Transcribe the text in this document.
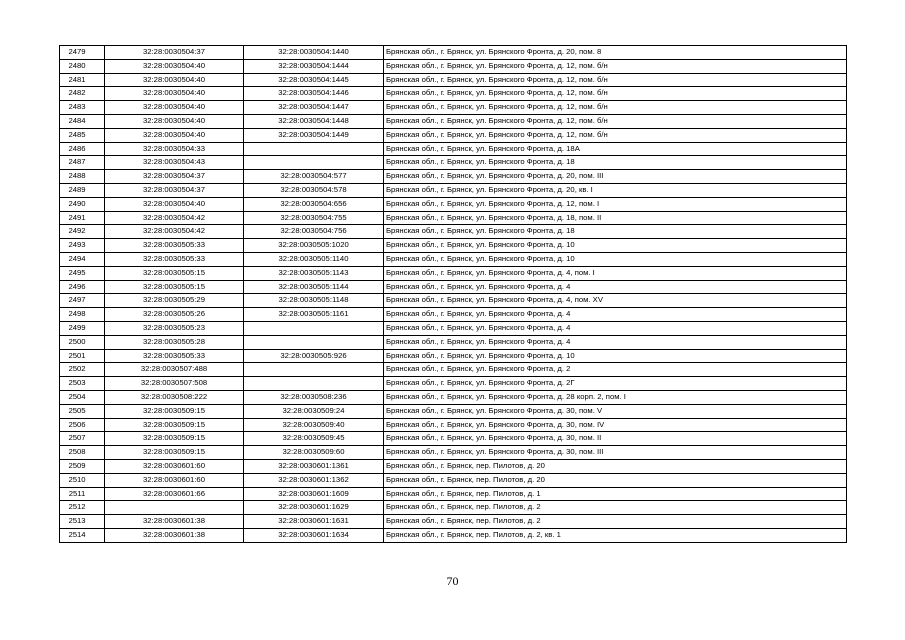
2479	32:28:0030504:37	32:28:0030504:1440	Брянская обл., г. Брянск, ул. Брянского Фронта, д. 20, пом. 8
2480	32:28:0030504:40	32:28:0030504:1444	Брянская обл., г. Брянск, ул. Брянского Фронта, д. 12, пом. б/н
2481	32:28:0030504:40	32:28:0030504:1445	Брянская обл., г. Брянск, ул. Брянского Фронта, д. 12, пом. б/н
2482	32:28:0030504:40	32:28:0030504:1446	Брянская обл., г. Брянск, ул. Брянского Фронта, д. 12, пом. б/н
2483	32:28:0030504:40	32:28:0030504:1447	Брянская обл., г. Брянск, ул. Брянского Фронта, д. 12, пом. б/н
2484	32:28:0030504:40	32:28:0030504:1448	Брянская обл., г. Брянск, ул. Брянского Фронта, д. 12, пом. б/н
2485	32:28:0030504:40	32:28:0030504:1449	Брянская обл., г. Брянск, ул. Брянского Фронта, д. 12, пом. б/н
2486	32:28:0030504:33		Брянская обл., г. Брянск, ул. Брянского Фронта, д. 18А
2487	32:28:0030504:43		Брянская обл., г. Брянск, ул. Брянского Фронта, д. 18
2488	32:28:0030504:37	32:28:0030504:577	Брянская обл., г. Брянск, ул. Брянского Фронта, д. 20, пом. III
2489	32:28:0030504:37	32:28:0030504:578	Брянская обл., г. Брянск, ул. Брянского Фронта, д. 20, кв. I
2490	32:28:0030504:40	32:28:0030504:656	Брянская обл., г. Брянск, ул. Брянского Фронта, д. 12, пом. I
2491	32:28:0030504:42	32:28:0030504:755	Брянская обл., г. Брянск, ул. Брянского Фронта, д. 18, пом. II
2492	32:28:0030504:42	32:28:0030504:756	Брянская обл., г. Брянск, ул. Брянского Фронта, д. 18
2493	32:28:0030505:33	32:28:0030505:1020	Брянская обл., г. Брянск, ул. Брянского Фронта, д. 10
2494	32:28:0030505:33	32:28:0030505:1140	Брянская обл., г. Брянск, ул. Брянского Фронта, д. 10
2495	32:28:0030505:15	32:28:0030505:1143	Брянская обл., г. Брянск, ул. Брянского Фронта, д. 4, пом. I
2496	32:28:0030505:15	32:28:0030505:1144	Брянская обл., г. Брянск, ул. Брянского Фронта, д. 4
2497	32:28:0030505:29	32:28:0030505:1148	Брянская обл., г. Брянск, ул. Брянского Фронта, д. 4, пом. XV
2498	32:28:0030505:26	32:28:0030505:1161	Брянская обл., г. Брянск, ул. Брянского Фронта, д. 4
2499	32:28:0030505:23		Брянская обл., г. Брянск, ул. Брянского Фронта, д. 4
2500	32:28:0030505:28		Брянская обл., г. Брянск, ул. Брянского Фронта, д. 4
2501	32:28:0030505:33	32:28:0030505:926	Брянская обл., г. Брянск, ул. Брянского Фронта, д. 10
2502	32:28:0030507:488		Брянская обл., г. Брянск, ул. Брянского Фронта, д. 2
2503	32:28:0030507:508		Брянская обл., г. Брянск, ул. Брянского Фронта, д. 2Г
2504	32:28:0030508:222	32:28:0030508:236	Брянская обл., г. Брянск, ул. Брянского Фронта, д. 28 корп. 2, пом. I
2505	32:28:0030509:15	32:28:0030509:24	Брянская обл., г. Брянск, ул. Брянского Фронта, д. 30, пом. V
2506	32:28:0030509:15	32:28:0030509:40	Брянская обл., г. Брянск, ул. Брянского Фронта, д. 30, пом. IV
2507	32:28:0030509:15	32:28:0030509:45	Брянская обл., г. Брянск, ул. Брянского Фронта, д. 30, пом. II
2508	32:28:0030509:15	32:28:0030509:60	Брянская обл., г. Брянск, ул. Брянского Фронта, д. 30, пом. III
2509	32:28:0030601:60	32:28:0030601:1361	Брянская обл., г. Брянск, пер. Пилотов, д. 20
2510	32:28:0030601:60	32:28:0030601:1362	Брянская обл., г. Брянск, пер. Пилотов, д. 20
2511	32:28:0030601:66	32:28:0030601:1609	Брянская обл., г. Брянск, пер. Пилотов, д. 1
2512		32:28:0030601:1629	Брянская обл., г. Брянск, пер. Пилотов, д. 2
2513	32:28:0030601:38	32:28:0030601:1631	Брянская обл., г. Брянск, пер. Пилотов, д. 2
2514	32:28:0030601:38	32:28:0030601:1634	Брянская обл., г. Брянск, пер. Пилотов, д. 2, кв. 1
70
